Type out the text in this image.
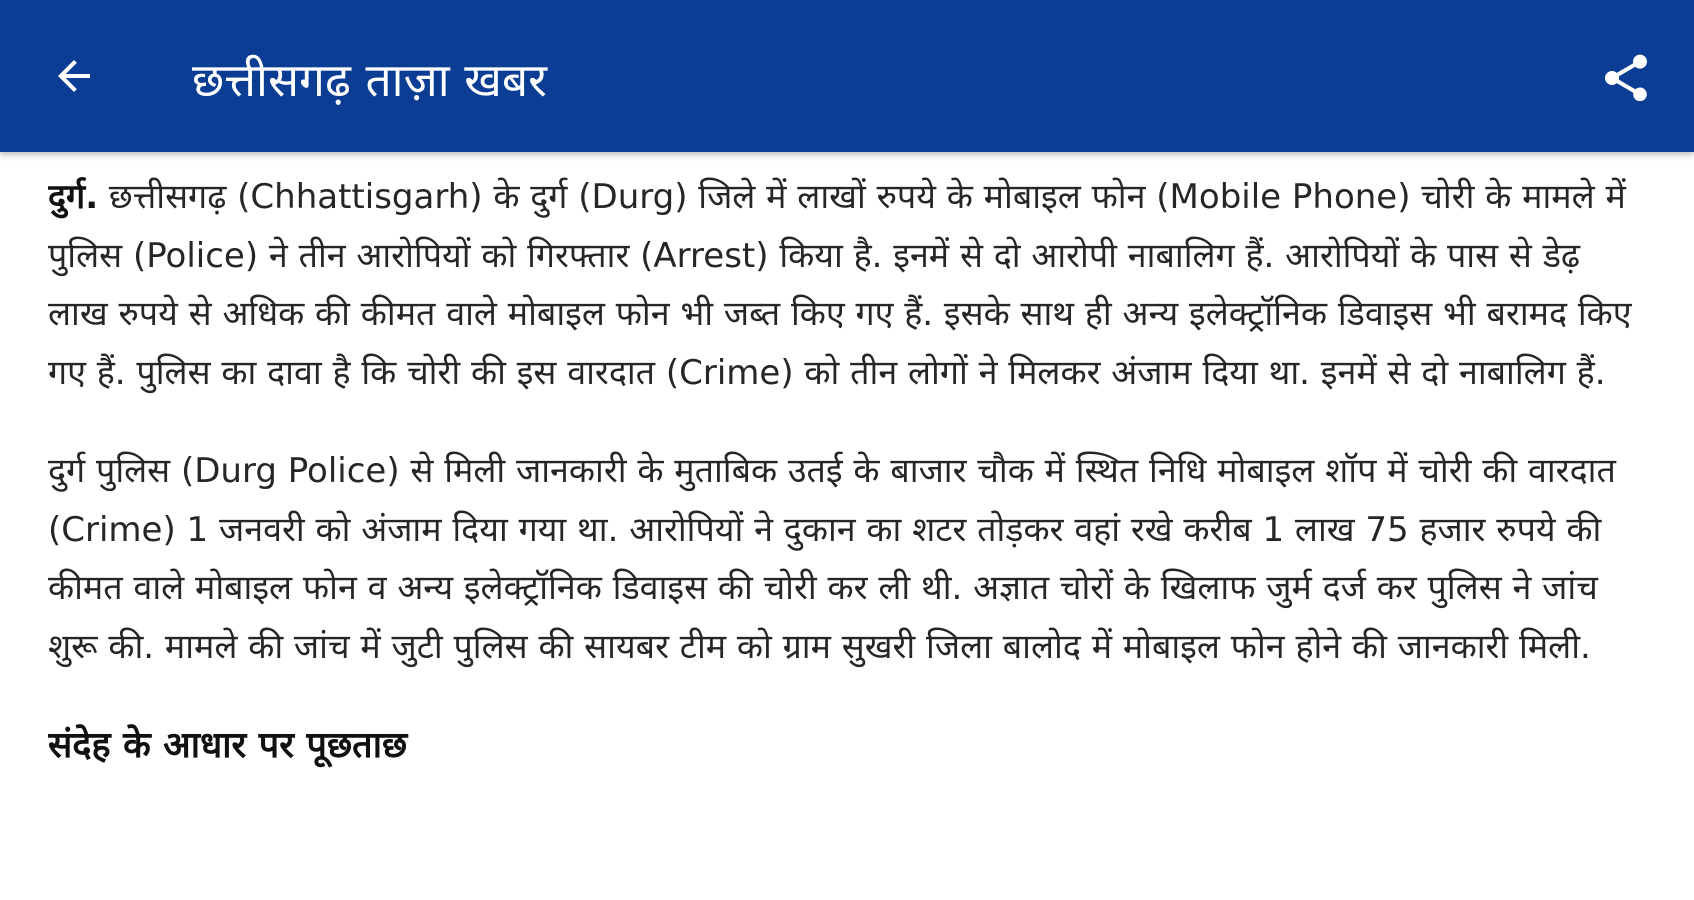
छत्तीसगढ़ ताज़ा खबर

दुर्ग. छत्तीसगढ़ (Chhattisgarh) के दुर्ग (Durg) जिले में लाखों रुपये के मोबाइल फोन (Mobile Phone) चोरी के मामले में पुलिस (Police) ने तीन आरोपियों को गिरफ्तार (Arrest) किया है. इनमें से दो आरोपी नाबालिग हैं. आरोपियों के पास से डेढ़ लाख रुपये से अधिक की कीमत वाले मोबाइल फोन भी जब्त किए गए हैं. इसके साथ ही अन्य इलेक्ट्रॉनिक डिवाइस भी बरामद किए गए हैं. पुलिस का दावा है कि चोरी की इस वारदात (Crime) को तीन लोगों ने मिलकर अंजाम दिया था. इनमें से दो नाबालिग हैं.

दुर्ग पुलिस (Durg Police) से मिली जानकारी के मुताबिक उतई के बाजार चौक में स्थित निधि मोबाइल शॉप में चोरी की वारदात (Crime) 1 जनवरी को अंजाम दिया गया था. आरोपियों ने दुकान का शटर तोड़कर वहां रखे करीब 1 लाख 75 हजार रुपये की कीमत वाले मोबाइल फोन व अन्य इलेक्ट्रॉनिक डिवाइस की चोरी कर ली थी. अज्ञात चोरों के खिलाफ जुर्म दर्ज कर पुलिस ने जांच शुरू की. मामले की जांच में जुटी पुलिस की सायबर टीम को ग्राम सुखरी जिला बालोद में मोबाइल फोन होने की जानकारी मिली.

संदेह के आधार पर पूछताछ
